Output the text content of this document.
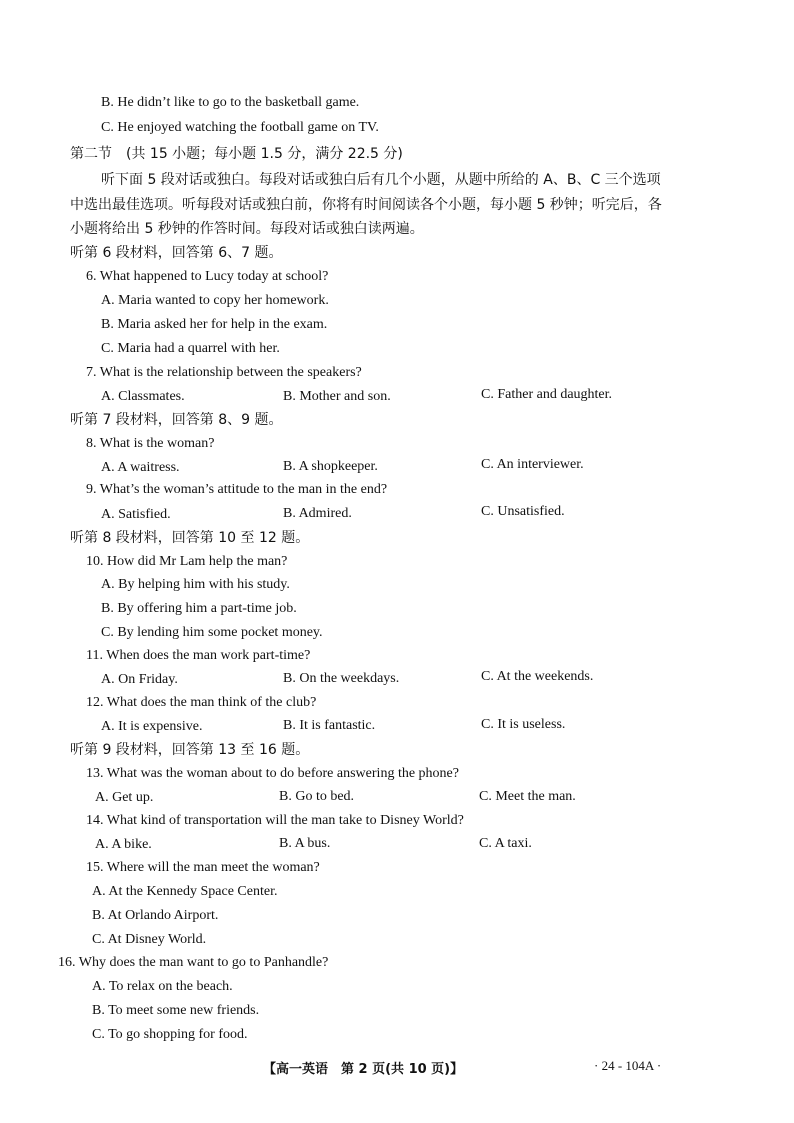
B. He didn’t like to go to the basketball game.
C. He enjoyed watching the football game on TV.
第二节　(共 15 小题；每小题 1.5 分，满分 22.5 分)
听下面 5 段对话或独白。每段对话或独白后有几个小题，从题中所给的 A、B、C 三个选项
中选出最佳选项。听每段对话或独白前，你将有时间阅读各个小题，每小题 5 秒钟；听完后，各
小题将给出 5 秒钟的作答时间。每段对话或独白读两遍。
听第 6 段材料，回答第 6、7 题。
6. What happened to Lucy today at school?
A. Maria wanted to copy her homework.
B. Maria asked her for help in the exam.
C. Maria had a quarrel with her.
7. What is the relationship between the speakers?
A. Classmates.	B. Mother and son.	C. Father and daughter.
听第 7 段材料，回答第 8、9 题。
8. What is the woman?
A. A waitress.	B. A shopkeeper.	C. An interviewer.
9. What’s the woman’s attitude to the man in the end?
A. Satisfied.	B. Admired.	C. Unsatisfied.
听第 8 段材料，回答第 10 至 12 题。
10. How did Mr Lam help the man?
A. By helping him with his study.
B. By offering him a part-time job.
C. By lending him some pocket money.
11. When does the man work part-time?
A. On Friday.	B. On the weekdays.	C. At the weekends.
12. What does the man think of the club?
A. It is expensive.	B. It is fantastic.	C. It is useless.
听第 9 段材料，回答第 13 至 16 题。
13. What was the woman about to do before answering the phone?
A. Get up.	B. Go to bed.	C. Meet the man.
14. What kind of transportation will the man take to Disney World?
A. A bike.	B. A bus.	C. A taxi.
15. Where will the man meet the woman?
A. At the Kennedy Space Center.
B. At Orlando Airport.
C. At Disney World.
16. Why does the man want to go to Panhandle?
A. To relax on the beach.
B. To meet some new friends.
C. To go shopping for food.
【高一英语　第 2 页(共 10 页)】	· 24 - 104A ·
